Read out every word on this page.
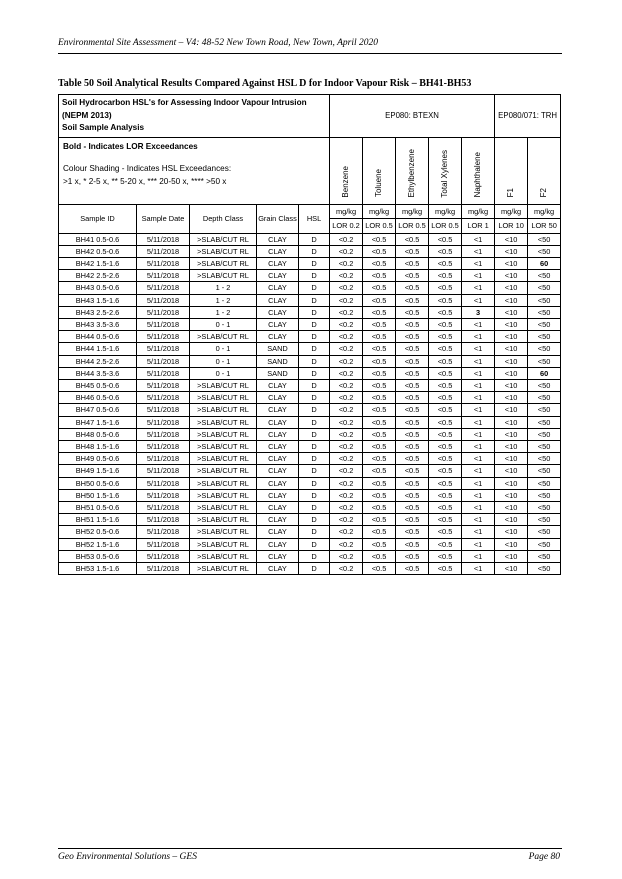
Environmental Site Assessment – V4: 48-52 New Town Road, New Town, April 2020
Table 50 Soil Analytical Results Compared Against HSL D for Indoor Vapour Risk – BH41-BH53
Soil Hydrocarbon HSL's for Assessing Indoor Vapour Intrusion
(NEPM 2013)
Soil Sample Analysis					EP080: BTEXN					EP080/071: TRH	

Bold - Indicates LOR Exceedances
Colour Shading - Indicates HSL Exceedances:
>1 x, * 2-5 x, ** 5-20 x, *** 20-50 x, **** >50 x					Benzene	Toluene	Ethylbenzene	Total Xylenes	Naphthalene	F1	F2
Sample ID	Sample Date	Depth Class	Grain Class	HSL	mg/kg	mg/kg	mg/kg	mg/kg	mg/kg	mg/kg	mg/kg
					LOR 0.2	LOR 0.5	LOR 0.5	LOR 0.5	LOR 1	LOR 10	LOR 50
BH41 0.5-0.6	5/11/2018	>SLAB/CUT RL	CLAY	D	<0.2	<0.5	<0.5	<0.5	<1	<10	<50
BH42 0.5-0.6	5/11/2018	>SLAB/CUT RL	CLAY	D	<0.2	<0.5	<0.5	<0.5	<1	<10	<50
BH42 1.5-1.6	5/11/2018	>SLAB/CUT RL	CLAY	D	<0.2	<0.5	<0.5	<0.5	<1	<10	60
BH42 2.5-2.6	5/11/2018	>SLAB/CUT RL	CLAY	D	<0.2	<0.5	<0.5	<0.5	<1	<10	<50
BH43 0.5-0.6	5/11/2018	1 - 2	CLAY	D	<0.2	<0.5	<0.5	<0.5	<1	<10	<50
BH43 1.5-1.6	5/11/2018	1 - 2	CLAY	D	<0.2	<0.5	<0.5	<0.5	<1	<10	<50
BH43 2.5-2.6	5/11/2018	1 - 2	CLAY	D	<0.2	<0.5	<0.5	<0.5	3	<10	<50
BH43 3.5-3.6	5/11/2018	0 - 1	CLAY	D	<0.2	<0.5	<0.5	<0.5	<1	<10	<50
BH44 0.5-0.6	5/11/2018	>SLAB/CUT RL	CLAY	D	<0.2	<0.5	<0.5	<0.5	<1	<10	<50
BH44 1.5-1.6	5/11/2018	0 - 1	SAND	D	<0.2	<0.5	<0.5	<0.5	<1	<10	<50
BH44 2.5-2.6	5/11/2018	0 - 1	SAND	D	<0.2	<0.5	<0.5	<0.5	<1	<10	<50
BH44 3.5-3.6	5/11/2018	0 - 1	SAND	D	<0.2	<0.5	<0.5	<0.5	<1	<10	60
BH45 0.5-0.6	5/11/2018	>SLAB/CUT RL	CLAY	D	<0.2	<0.5	<0.5	<0.5	<1	<10	<50
BH46 0.5-0.6	5/11/2018	>SLAB/CUT RL	CLAY	D	<0.2	<0.5	<0.5	<0.5	<1	<10	<50
BH47 0.5-0.6	5/11/2018	>SLAB/CUT RL	CLAY	D	<0.2	<0.5	<0.5	<0.5	<1	<10	<50
BH47 1.5-1.6	5/11/2018	>SLAB/CUT RL	CLAY	D	<0.2	<0.5	<0.5	<0.5	<1	<10	<50
BH48 0.5-0.6	5/11/2018	>SLAB/CUT RL	CLAY	D	<0.2	<0.5	<0.5	<0.5	<1	<10	<50
BH48 1.5-1.6	5/11/2018	>SLAB/CUT RL	CLAY	D	<0.2	<0.5	<0.5	<0.5	<1	<10	<50
BH49 0.5-0.6	5/11/2018	>SLAB/CUT RL	CLAY	D	<0.2	<0.5	<0.5	<0.5	<1	<10	<50
BH49 1.5-1.6	5/11/2018	>SLAB/CUT RL	CLAY	D	<0.2	<0.5	<0.5	<0.5	<1	<10	<50
BH50 0.5-0.6	5/11/2018	>SLAB/CUT RL	CLAY	D	<0.2	<0.5	<0.5	<0.5	<1	<10	<50
BH50 1.5-1.6	5/11/2018	>SLAB/CUT RL	CLAY	D	<0.2	<0.5	<0.5	<0.5	<1	<10	<50
BH51 0.5-0.6	5/11/2018	>SLAB/CUT RL	CLAY	D	<0.2	<0.5	<0.5	<0.5	<1	<10	<50
BH51 1.5-1.6	5/11/2018	>SLAB/CUT RL	CLAY	D	<0.2	<0.5	<0.5	<0.5	<1	<10	<50
BH52 0.5-0.6	5/11/2018	>SLAB/CUT RL	CLAY	D	<0.2	<0.5	<0.5	<0.5	<1	<10	<50
BH52 1.5-1.6	5/11/2018	>SLAB/CUT RL	CLAY	D	<0.2	<0.5	<0.5	<0.5	<1	<10	<50
BH53 0.5-0.6	5/11/2018	>SLAB/CUT RL	CLAY	D	<0.2	<0.5	<0.5	<0.5	<1	<10	<50
BH53 1.5-1.6	5/11/2018	>SLAB/CUT RL	CLAY	D	<0.2	<0.5	<0.5	<0.5	<1	<10	<50
Geo Environmental Solutions – GES	Page 80
